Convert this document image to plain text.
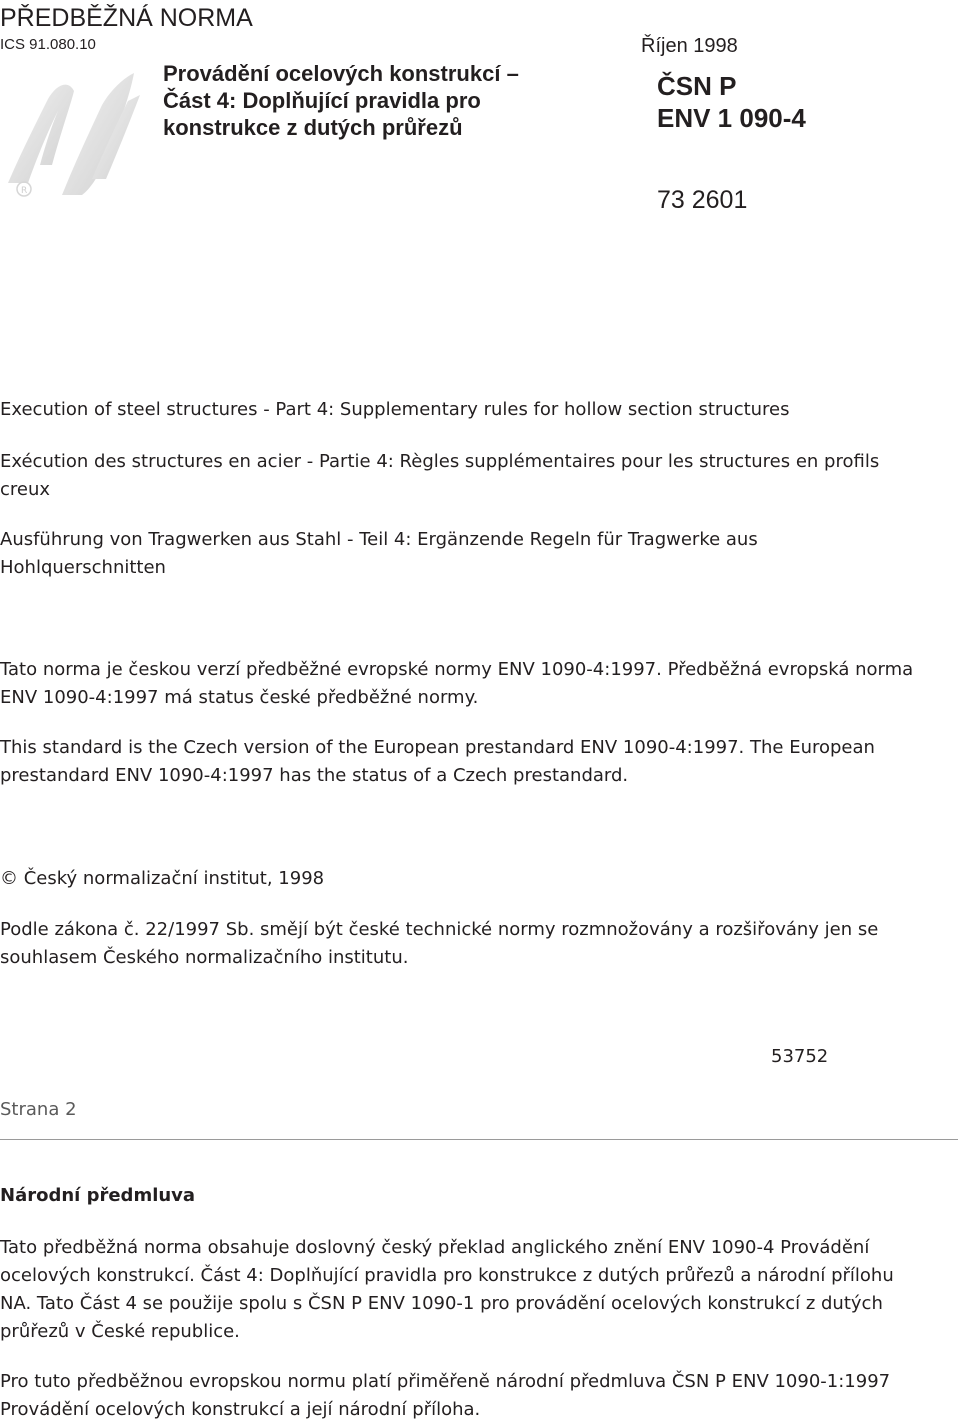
PŘEDBĚŽNÁ NORMA
ICS 91.080.10
R
Provádění ocelových konstrukcí –
Část 4: Doplňující pravidla pro
konstrukce z dutých průřezů
Říjen 1998
ČSN P
ENV 1 090-4
73 2601

Execution of steel structures - Part 4: Supplementary rules for hollow section structures

Exécution des structures en acier - Partie 4: Règles supplémentaires pour les structures en profils
creux

Ausführung von Tragwerken aus Stahl - Teil 4: Ergänzende Regeln für Tragwerke aus
Hohlquerschnitten

Tato norma je českou verzí předběžné evropské normy ENV 1090-4:1997. Předběžná evropská norma
ENV 1090-4:1997 má status české předběžné normy.

This standard is the Czech version of the European prestandard ENV 1090-4:1997. The European
prestandard ENV 1090-4:1997 has the status of a Czech prestandard.

© Český normalizační institut, 1998

Podle zákona č. 22/1997 Sb. smějí být české technické normy rozmnožovány a rozšiřovány jen se
souhlasem Českého normalizačního institutu.

53752
Strana 2
Národní předmluva

Tato předběžná norma obsahuje doslovný český překlad anglického znění ENV 1090-4 Provádění
ocelových konstrukcí. Část 4: Doplňující pravidla pro konstrukce z dutých průřezů a národní přílohu
NA. Tato Část 4 se použije spolu s ČSN P ENV 1090-1 pro provádění ocelových konstrukcí z dutých
průřezů v České republice.

Pro tuto předběžnou evropskou normu platí přiměřeně národní předmluva ČSN P ENV 1090-1:1997
Provádění ocelových konstrukcí a její národní příloha.
